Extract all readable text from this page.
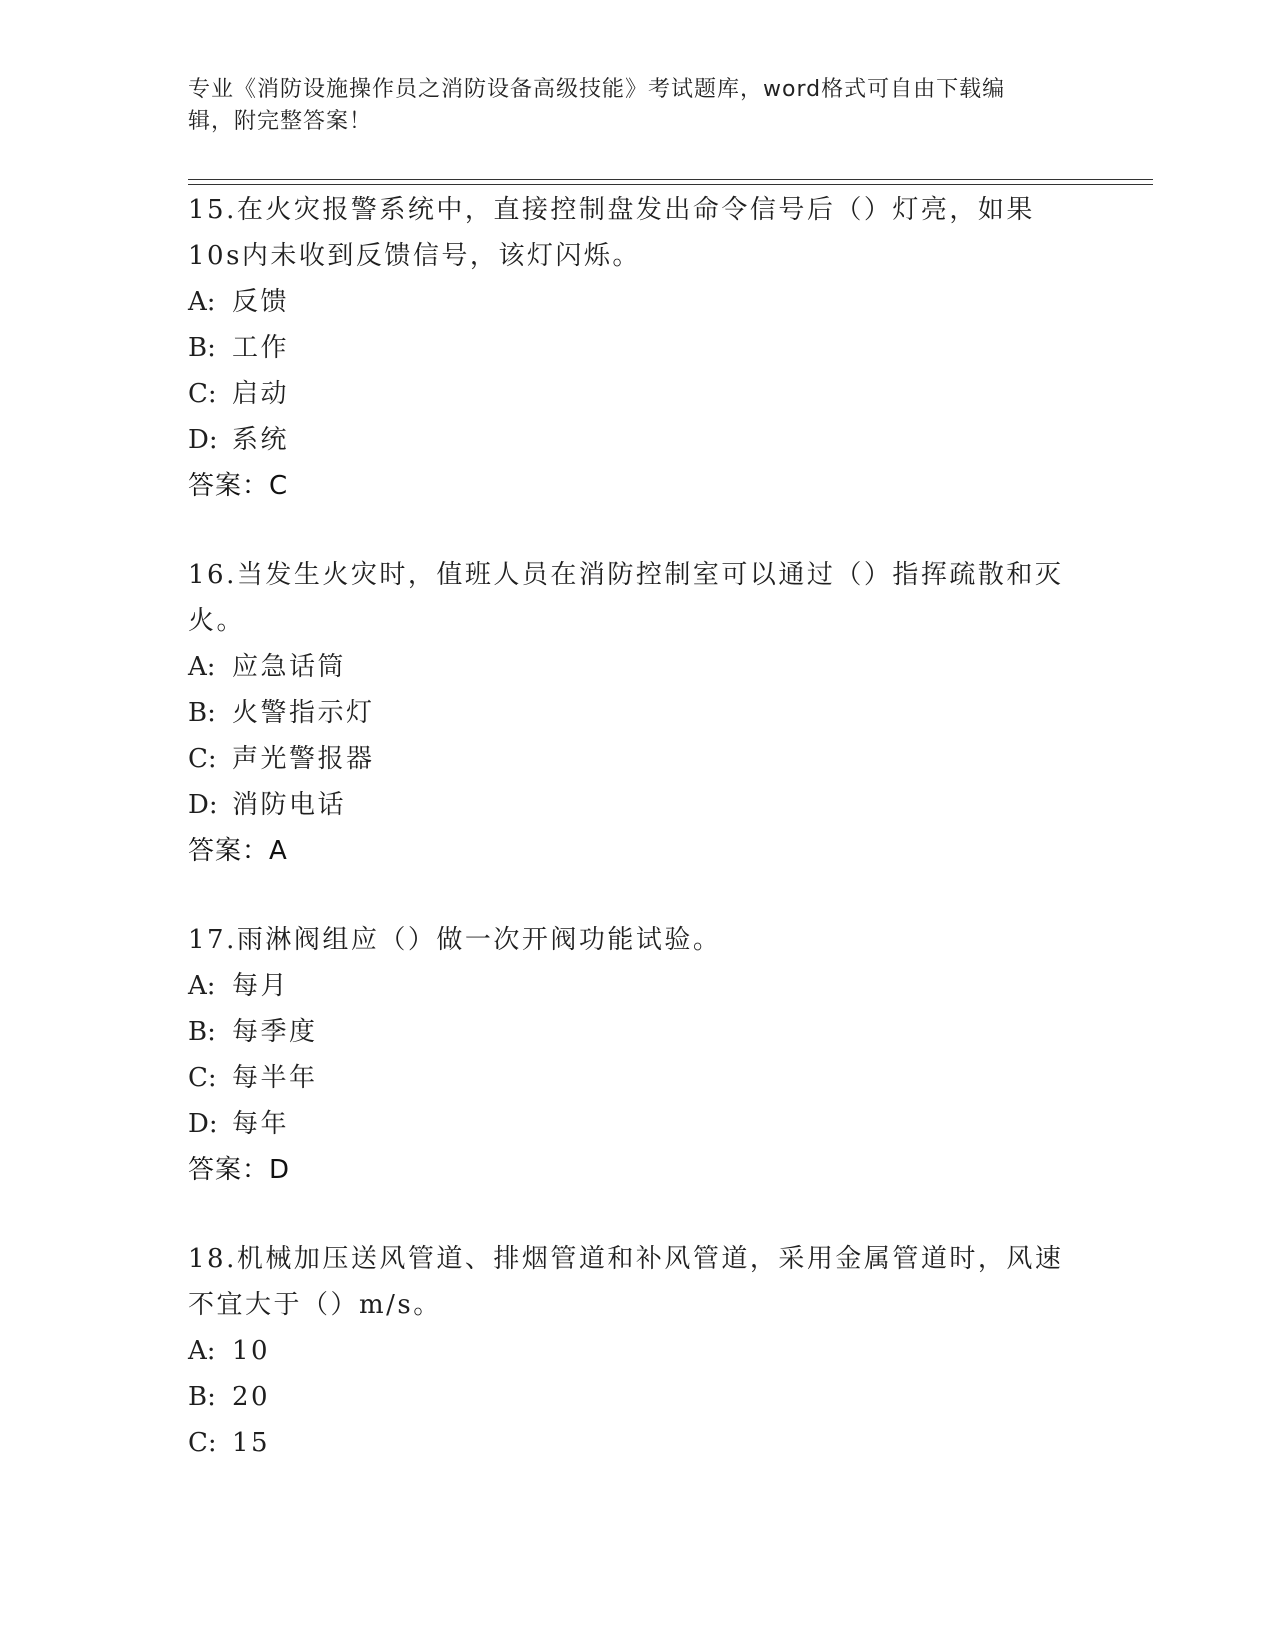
专业《消防设施操作员之消防设备高级技能》考试题库，word格式可自由下载编
辑，附完整答案！

15.在火灾报警系统中，直接控制盘发出命令信号后（）灯亮，如果
10s内未收到反馈信号，该灯闪烁。

A: 反馈

B: 工作

C: 启动

D: 系统

答案：C

16.当发生火灾时，值班人员在消防控制室可以通过（）指挥疏散和灭
火。

A: 应急话筒

B: 火警指示灯

C: 声光警报器

D: 消防电话

答案：A

17.雨淋阀组应（）做一次开阀功能试验。

A: 每月

B: 每季度

C: 每半年

D: 每年

答案：D

18.机械加压送风管道、排烟管道和补风管道，采用金属管道时，风速
不宜大于（）m/s。

A: 10

B: 20

C: 15
